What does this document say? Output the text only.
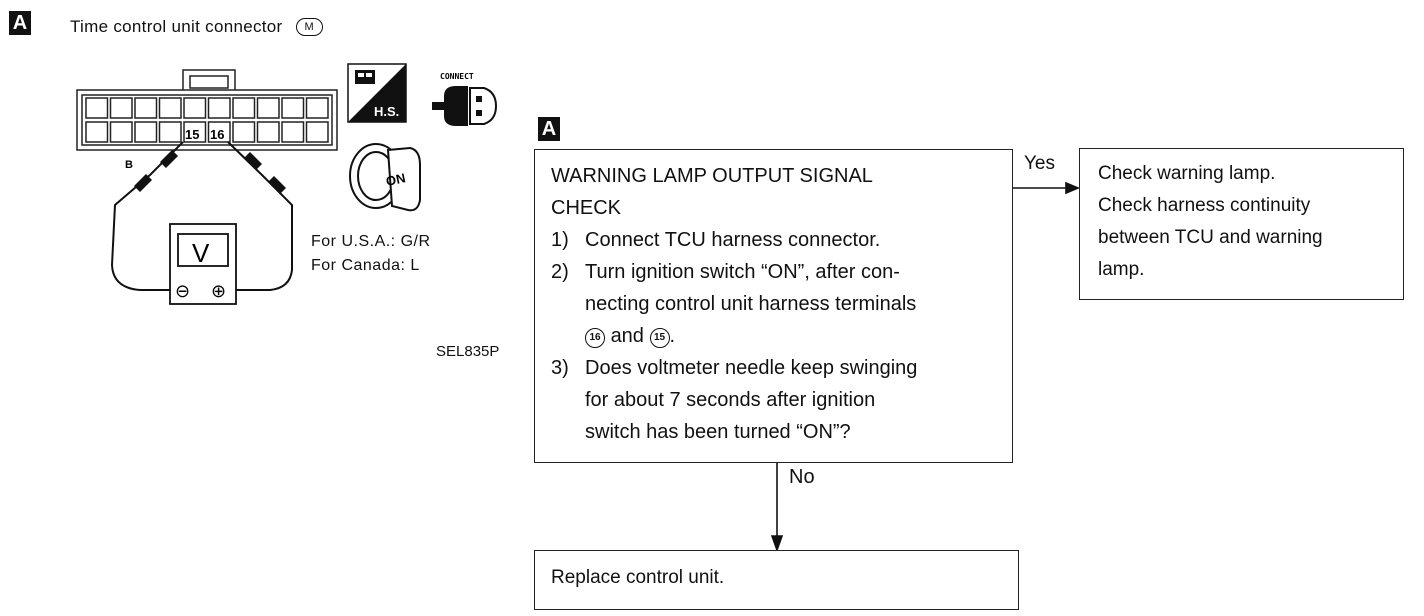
15 16
B
V
⊖ ⊕
H.S.
CONNECT
ON
A	Time control unit connector M
For U.S.A.: G/R
For Canada: L
SEL835P
A
WARNING LAMP OUTPUT SIGNAL
CHECK
1) Connect TCU harness connector.
2) Turn ignition switch “ON”, after con-
necting control unit harness terminals
16 and 15 .
3) Does voltmeter needle keep swinging
for about 7 seconds after ignition
switch has been turned “ON”?
Yes
No
Check warning lamp.
Check harness continuity
between TCU and warning
lamp.
Replace control unit.
